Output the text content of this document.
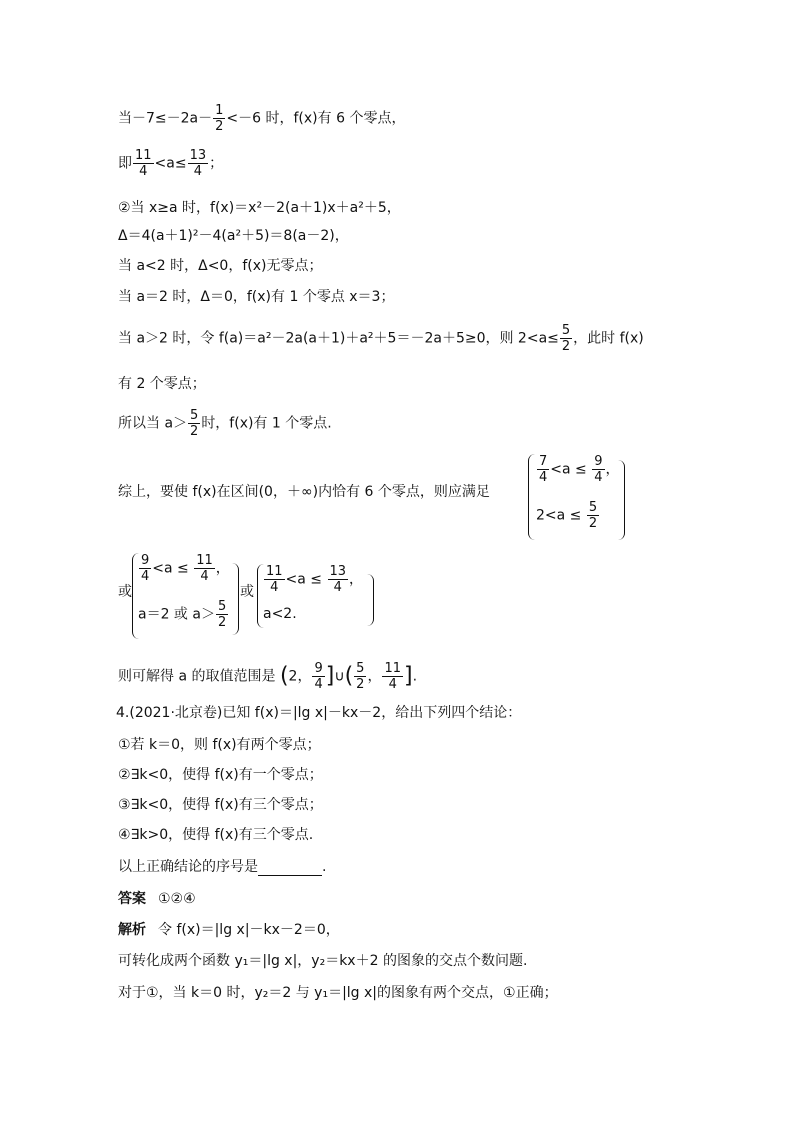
当$-7\le-2a- \frac{1}{2} <-6$ 时，f(x)有 6 个零点，
即 $\frac{11}{4} <a\le \frac{13}{4}$ ；
②当 x≥a 时，f(x)＝x²－2(a＋1)x＋a²＋5，
Δ＝4(a＋1)²－4(a²＋5)＝8(a－2)，
当 a<2 时，Δ<0，f(x)无零点；
当 a＝2 时，Δ＝0，f(x)有 1 个零点 x＝3；
当 a＞2 时，令 f(a)＝a²－2a(a＋1)＋a²＋5＝－2a＋5≥0，则 $2<a\le \frac{5}{2}$ ，此时 f(x)
有 2 个零点；
所以当 $a> \frac{5}{2}$ 时，f(x)有 1 个零点.
综上，要使 f(x)在区间(0，＋∞)内恰有 6 个零点，则应满足
$\frac{7}{4} <a \le \frac{9}{4}$ ，
$2<a \le \frac{5}{2}$
或
$\frac{9}{4} <a \le \frac{11}{4}$ ，
a＝2 或 $a> \frac{5}{2}$
或 $\frac{11}{4} <a \le \frac{13}{4}$ ，
a<2.
则可解得 a 的取值范围是 (2， $\frac{9}{4}$ ]∪( $\frac{5}{2}$ ， $\frac{11}{4}$ ].
4.(2021·北京卷)已知 f(x)＝|lg x|－kx－2，给出下列四个结论：
①若 k＝0，则 f(x)有两个零点；
②∃k<0，使得 f(x)有一个零点；
③∃k<0，使得 f(x)有三个零点；
④∃k>0，使得 f(x)有三个零点.
以上正确结论的序号是	.
答案 ①②④
解析 令 f(x)＝|lg x|－kx－2＝0，
可转化成两个函数 y₁＝|lg x|，y₂＝kx＋2 的图象的交点个数问题.
对于①，当 k＝0 时，y₂＝2 与 y₁＝|lg x|的图象有两个交点，①正确；
